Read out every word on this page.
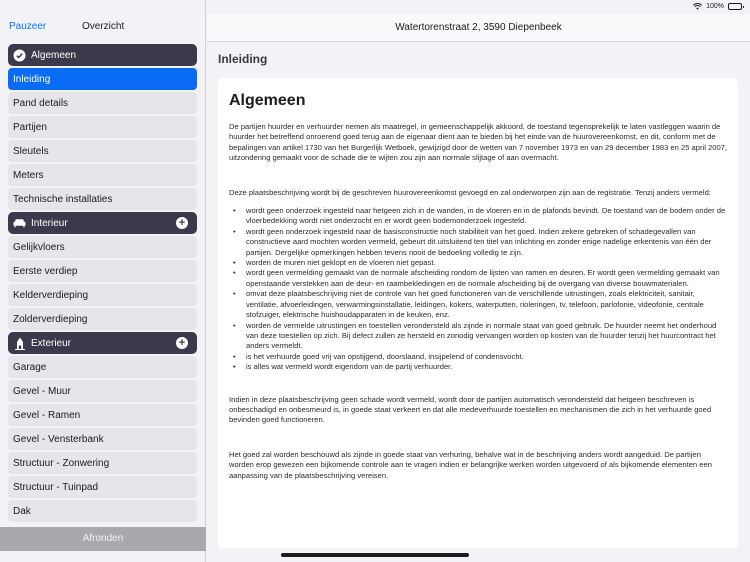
100%
Pauzeer	Overzicht
Algemeen
Inleiding
Pand details
Partijen
Sleutels
Meters
Technische installaties
Interieur	+
Gelijkvloers
Eerste verdiep
Kelderverdieping
Zolderverdieping
Exterieur	+
Garage
Gevel - Muur
Gevel - Ramen
Gevel - Vensterbank
Structuur - Zonwering
Structuur - Tuinpad
Dak
Afronden
Watertorenstraat 2, 3590 Diepenbeek
Inleiding
Algemeen

De partijen huurder en verhuurder nemen als maatregel, in gemeenschappelijk akkoord, de toestand tegensprekelijk te laten vastleggen waarin de huurder het betreffend onroerend goed terug aan de eigenaar dient aan te bieden bij het einde van de huurovereenkomst, en dit, conform met de bepalingen van artikel 1730 van het Burgerlijk Wetboek, gewijzigd door de wetten van 7 november 1973 en van 29 december 1983 en 25 april 2007, uitzondering gemaakt voor de schade die te wijten zou zijn aan normale slijtage of aan overmacht.

Deze plaatsbeschrijving wordt bij de geschreven huurovereenkomst gevoegd en zal onderworpen zijn aan de registratie. Tenzij anders vermeld:

• wordt geen onderzoek ingesteld naar hetgeen zich in de wanden, in de vloeren en in de plafonds bevindt. De toestand van de bodem onder de vloerbedekking wordt niet onderzocht en er wordt geen bodemonderzoek ingesteld.
• wordt geen onderzoek ingesteld naar de basisconstructie noch stabiliteit van het goed. Indien zekere gebreken of schadegevallen van constructieve aard mochten worden vermeld, gebeurt dit uitsluitend ten titel van inlichting en zonder enige nadelige erkentenis van één der partijen. Dergelijke opmerkingen hebben tevens nooit de bedoeling volledig te zijn.
• worden de muren niet geklopt en de vloeren niet gepast.
• wordt geen vermelding gemaakt van de normale afscheiding rondom de lijsten van ramen en deuren. Er wordt geen vermelding gemaakt van openstaande verstekken aan de deur- en raambekledingen en de normale afscheiding bij de overgang van diverse bouwmaterialen.
• omvat deze plaatsbeschrijving niet de controle van het goed functioneren van de verschillende uitrustingen, zoals elektriciteit, sanitair, ventilatie, afvoerleidingen, verwarmingsinstallatie, leidingen, kokers, waterputten, rioleringen, tv, telefoon, parlofonie, videofonie, centrale stofzuiger, elektrische huishoudapparaten in de keuken, enz.
• worden de vermelde uitrustingen en toestellen verondersteld als zijnde in normale staat van goed gebruik. De huurder neemt het onderhoud van deze toestellen op zich. Bij defect zullen ze hersteld en zonodig vervangen worden op kosten van de huurder tenzij het huurcontract het anders vermeldt.
• is het verhuurde goed vrij van opstijgend, doorslaand, insijpelend of condensvocht.
• is alles wat vermeld wordt eigendom van de partij verhuurder.

Indien in deze plaatsbeschrijving geen schade wordt vermeld, wordt door de partijen automatisch verondersteld dat hetgeen beschreven is onbeschadigd en onbesmeurd is, in goede staat verkeert en dat alle medeverhuurde toestellen en mechanismen die zich in het verhuurde goed bevinden goed functioneren.

Het goed zal worden beschouwd als zijnde in goede staat van verhuring, behalve wat in de beschrijving anders wordt aangeduid. De partijen worden erop gewezen een bijkomende controle aan te vragen indien er belangrijke werken worden uitgevoerd of als bijkomende elementen een aanpassing van de plaatsbeschrijving vereisen.
